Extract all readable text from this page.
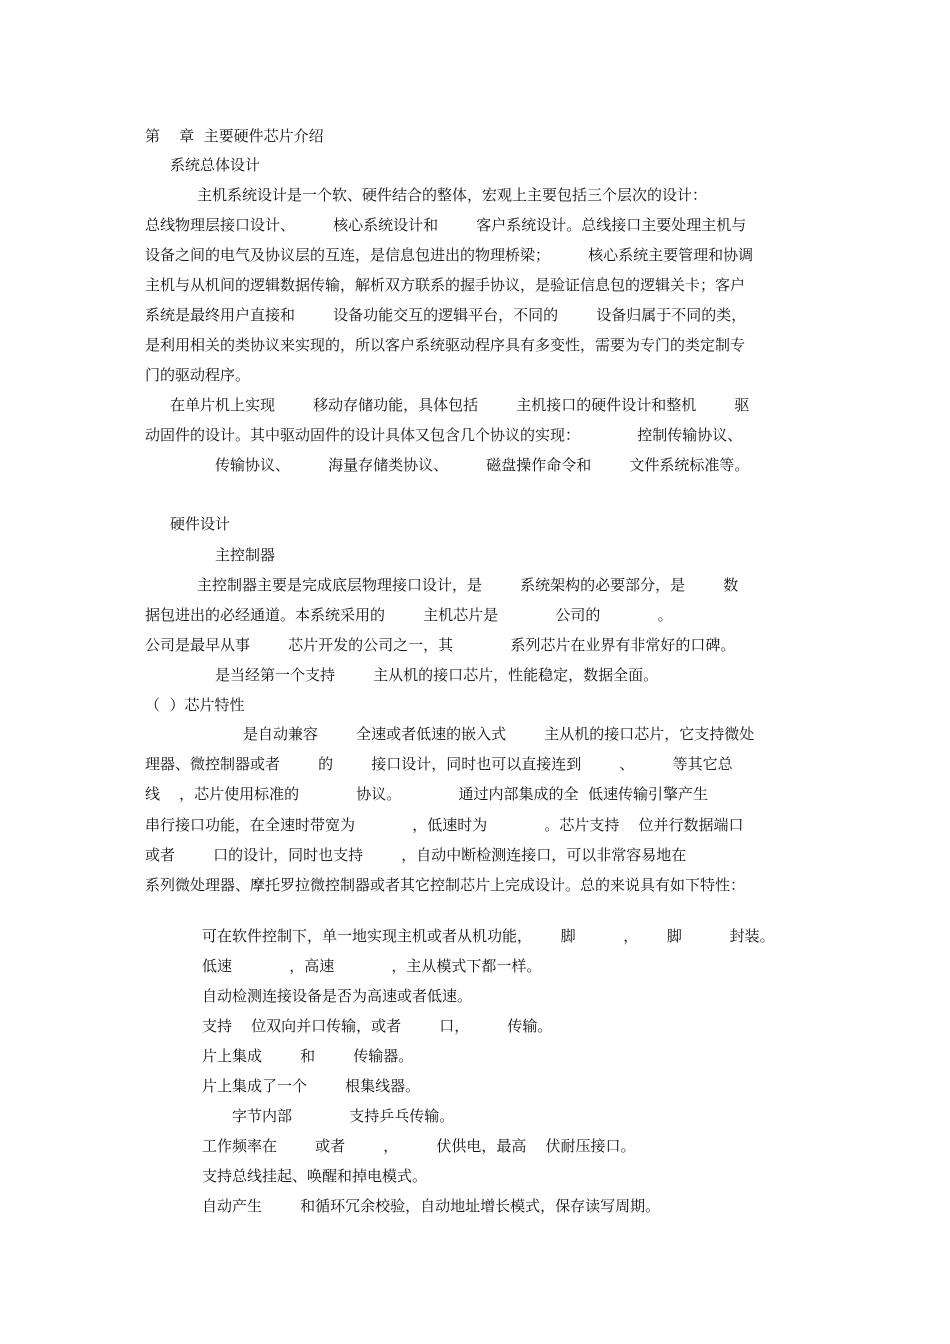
第    章  主要硬件芯片介绍
系统总体设计
主机系统设计是一个软、硬件结合的整体，宏观上主要包括三个层次的设计：
总线物理层接口设计、        核心系统设计和        客户系统设计。总线接口主要处理主机与
设备之间的电气及协议层的互连，是信息包进出的物理桥梁；        核心系统主要管理和协调
主机与从机间的逻辑数据传输，解析双方联系的握手协议，是验证信息包的逻辑关卡；客户
系统是最终用户直接和        设备功能交互的逻辑平台，不同的        设备归属于不同的类，
是利用相关的类协议来实现的，所以客户系统驱动程序具有多变性，需要为专门的类定制专
门的驱动程序。
在单片机上实现        移动存储功能，具体包括        主机接口的硬件设计和整机        驱
动固件的设计。其中驱动固件的设计具体又包含几个协议的实现：            控制传输协议、
传输协议、        海量存储类协议、        磁盘操作命令和        文件系统标准等。
硬件设计
主控制器
主控制器主要是完成底层物理接口设计，是        系统架构的必要部分，是        数
据包进出的必经通道。本系统采用的        主机芯片是            公司的            。
公司是最早从事        芯片开发的公司之一，其            系列芯片在业界有非常好的口碑。
是当经第一个支持        主从机的接口芯片，性能稳定，数据全面。
（  ）芯片特性
是自动兼容        全速或者低速的嵌入式        主从机的接口芯片，它支持微处
理器、微控制器或者        的        接口设计，同时也可以直接连到        、        等其它总
线    ，芯片使用标准的            协议。            通过内部集成的全  低速传输引擎产生
串行接口功能，在全速时带宽为            ，低速时为            。芯片支持    位并行数据端口
或者        口的设计，同时也支持        ，自动中断检测连接口，可以非常容易地在
系列微处理器、摩托罗拉微控制器或者其它控制芯片上完成设计。总的来说具有如下特性：
可在软件控制下，单一地实现主机或者从机功能，      脚          ，      脚          封装。
低速            ，高速            ，主从模式下都一样。
自动检测连接设备是否为高速或者低速。
支持    位双向并口传输，或者        口，        传输。
片上集成        和        传输器。
片上集成了一个        根集线器。
字节内部            支持乒乓传输。
工作频率在        或者        ，        伏供电，最高    伏耐压接口。
支持总线挂起、唤醒和掉电模式。
自动产生        和循环冗余校验，自动地址增长模式，保存读写周期。
